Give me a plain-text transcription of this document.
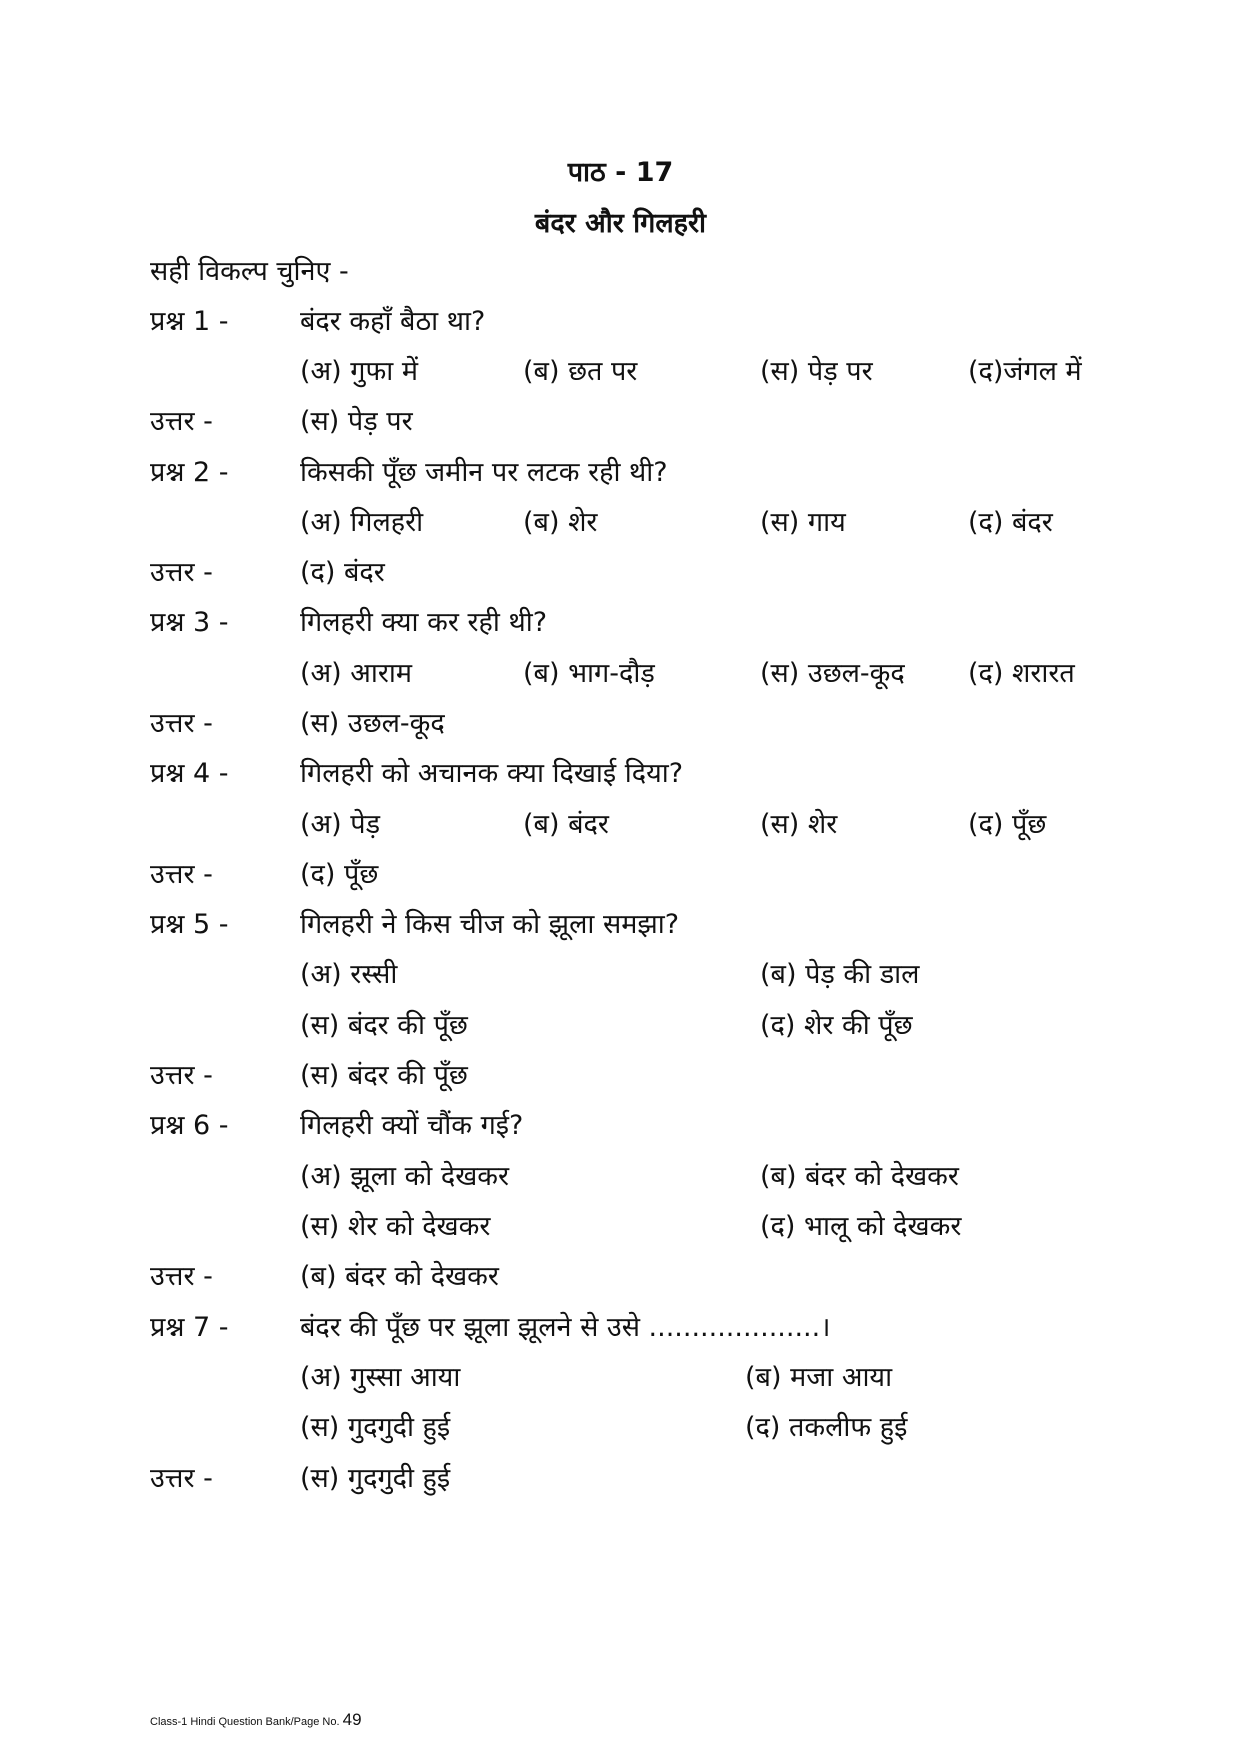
पाठ - 17
बंदर और गिलहरी
सही विकल्प चुनिए -
प्रश्न 1 -	बंदर कहाँ बैठा था?
(अ) गुफा में	(ब) छत पर	(स) पेड़ पर	(द)जंगल में
उत्तर -	(स) पेड़ पर
प्रश्न 2 -	किसकी पूँछ जमीन पर लटक रही थी?
(अ) गिलहरी	(ब) शेर	(स) गाय	(द) बंदर
उत्तर -	(द) बंदर
प्रश्न 3 -	गिलहरी क्या कर रही थी?
(अ) आराम	(ब) भाग-दौड़	(स) उछल-कूद (द) शरारत
उत्तर -	(स) उछल-कूद
प्रश्न 4 -	गिलहरी को अचानक क्या दिखाई दिया?
(अ) पेड़	(ब) बंदर	(स) शेर	(द) पूँछ
उत्तर -	(द) पूँछ
प्रश्न 5 -	गिलहरी ने किस चीज को झूला समझा?
(अ) रस्सी	(ब) पेड़ की डाल
(स) बंदर की पूँछ	(द) शेर की पूँछ
उत्तर -	(स) बंदर की पूँछ
प्रश्न 6 -	गिलहरी क्यों चौंक गई?
(अ) झूला को देखकर	(ब) बंदर को देखकर
(स) शेर को देखकर	(द) भालू को देखकर
उत्तर -	(ब) बंदर को देखकर
प्रश्न 7 -	बंदर की पूँछ पर झूला झूलने से उसे ....................।
(अ) गुस्सा आया	(ब) मजा आया
(स) गुदगुदी हुई	(द) तकलीफ हुई
उत्तर -	(स) गुदगुदी हुई
Class-1 Hindi Question Bank/Page No. 49
